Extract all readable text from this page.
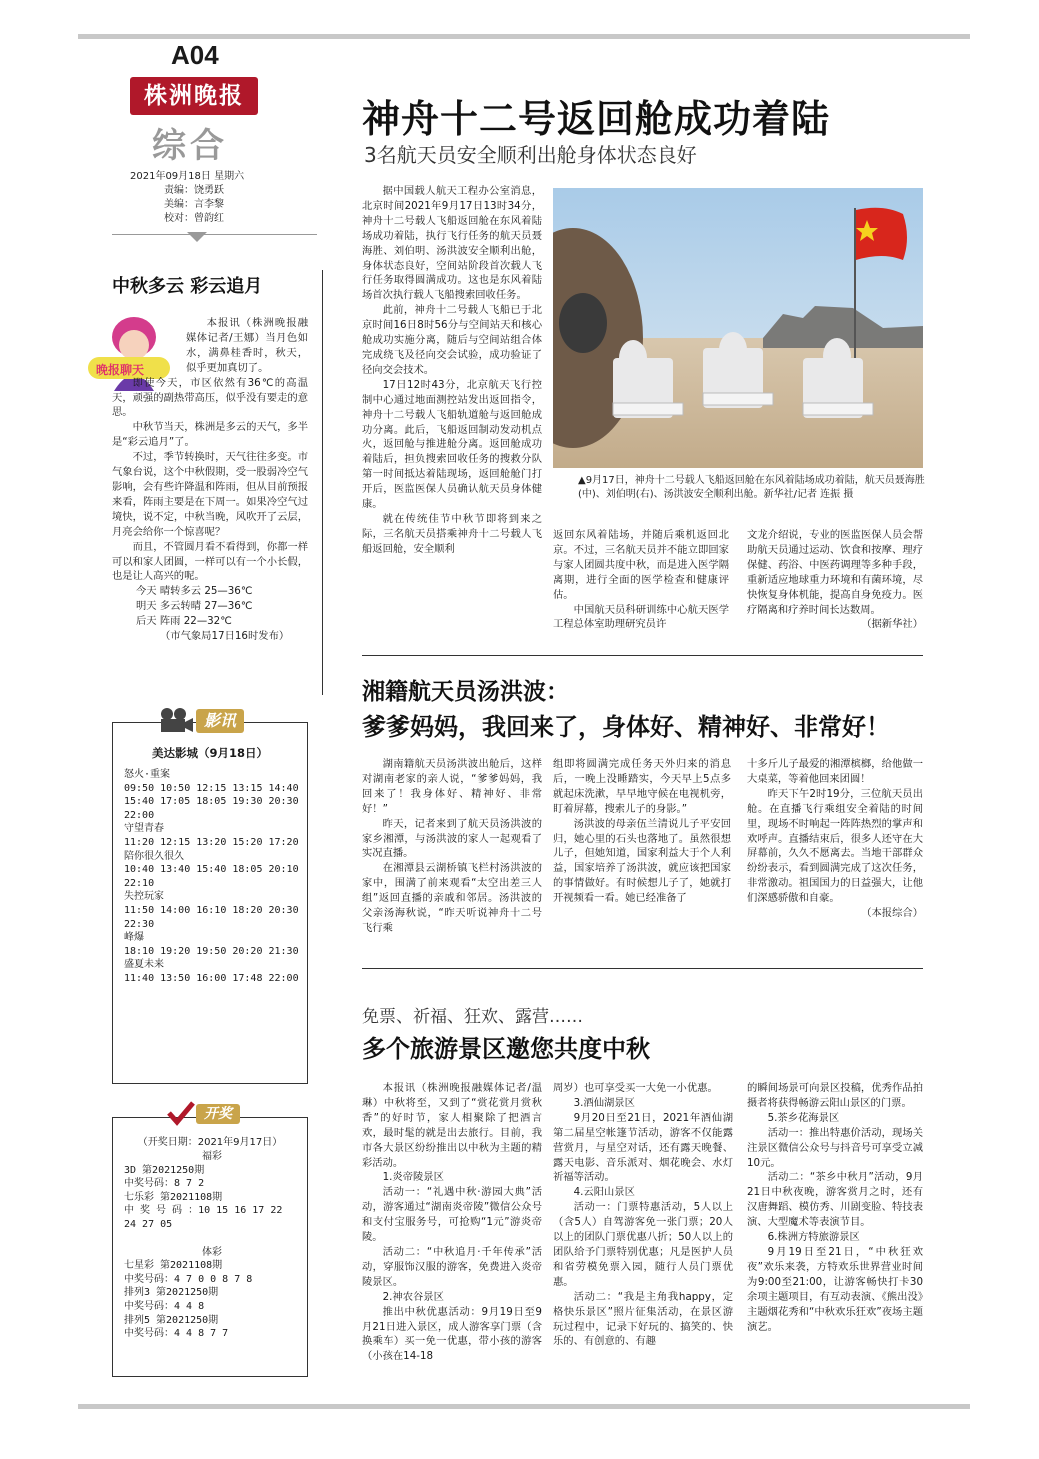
A04
株洲晚报
综合
2021年09月18日 星期六
责编：饶勇跃
美编：言李黎
校对：曾韵红
中秋多云 彩云追月
晚报聊天

本报讯（株洲晚报融媒体记者/王娜）当月色如水，满鼻桂香时，秋天，似乎更加真切了。

即使今天，市区依然有36℃的高温天，顽强的副热带高压，似乎没有要走的意思。

中秋节当天，株洲是多云的天气，多半是“彩云追月”了。

不过，季节转换时，天气往往多变。市气象台说，这个中秋假期，受一股弱冷空气影响，会有些许降温和阵雨，但从目前预报来看，阵雨主要是在下周一。如果冷空气过境快，说不定，中秋当晚，风吹开了云层，月亮会给你一个惊喜呢？

而且，不管圆月看不看得到，你都一样可以和家人团圆，一样可以有一个小长假，也是让人高兴的呢。

今天 晴转多云 25—36℃
明天 多云转晴 27—36℃
后天 阵雨 22—32℃
（市气象局17日16时发布）
影讯
美达影城（9月18日）
怒火·重案
09:50 10:50 12:15 13:15 14:40 15:40 17:05 18:05 19:30 20:30 22:00
守望青春
11:20 12:15 13:20 15:20 17:20
陪你很久很久
10:40 13:40 15:40 18:05 20:10 22:10
失控玩家
11:50 14:00 16:10 18:20 20:30 22:30
峰爆
18:10 19:20 19:50 20:20 21:30
盛夏未来
11:40 13:50 16:00 17:48 22:00
开奖
（开奖日期：2021年9月17日）
福彩
3D 第2021250期
中奖号码：8 7 2
七乐彩 第2021108期
中 奖 号 码 ：10 15 16 17 22 24 27 05
体彩
七星彩 第2021108期
中奖号码：4 7 0 0 8 7 8
排列3 第2021250期
中奖号码：4 4 8
排列5 第2021250期
中奖号码：4 4 8 7 7
神舟十二号返回舱成功着陆
3名航天员安全顺利出舱身体状态良好

据中国载人航天工程办公室消息，北京时间2021年9月17日13时34分，神舟十二号载人飞船返回舱在东风着陆场成功着陆，执行飞行任务的航天员聂海胜、刘伯明、汤洪波安全顺利出舱，身体状态良好，空间站阶段首次载人飞行任务取得圆满成功。这也是东风着陆场首次执行载人飞船搜索回收任务。

此前，神舟十二号载人飞船已于北京时间16日8时56分与空间站天和核心舱成功实施分离，随后与空间站组合体完成绕飞及径向交会试验，成功验证了径向交会技术。

17日12时43分，北京航天飞行控制中心通过地面测控站发出返回指令，神舟十二号载人飞船轨道舱与返回舱成功分离。此后，飞船返回制动发动机点火，返回舱与推进舱分离。返回舱成功着陆后，担负搜索回收任务的搜救分队第一时间抵达着陆现场，返回舱舱门打开后，医监医保人员确认航天员身体健康。

就在传统佳节中秋节即将到来之际，三名航天员搭乘神舟十二号载人飞船返回舱，安全顺利

▲9月17日，神舟十二号载人飞船返回舱在东风着陆场成功着陆，航天员聂海胜(中)、刘伯明(右)、汤洪波安全顺利出舱。新华社/记者 连振 摄

返回东风着陆场，并随后乘机返回北京。不过，三名航天员并不能立即回家与家人团圆共度中秋，而是进入医学隔离期，进行全面的医学检查和健康评估。

中国航天员科研训练中心航天医学工程总体室助理研究员许

文龙介绍说，专业的医监医保人员会帮助航天员通过运动、饮食和按摩、理疗保健、药浴、中医药调理等多种手段，重新适应地球重力环境和有菌环境，尽快恢复身体机能，提高自身免疫力。医疗隔离和疗养时间长达数周。

（据新华社）
湘籍航天员汤洪波：
爹爹妈妈，我回来了，身体好、精神好、非常好！

湖南籍航天员汤洪波出舱后，这样对湖南老家的亲人说，“爹爹妈妈，我回来了！我身体好、精神好、非常好！”

昨天，记者来到了航天员汤洪波的家乡湘潭，与汤洪波的家人一起观看了实况直播。

在湘潭县云湖桥镇飞栏村汤洪波的家中，围满了前来观看“太空出差三人组”返回直播的亲戚和邻居。汤洪波的父亲汤海秋说，“昨天听说神舟十二号飞行乘

组即将圆满完成任务天外归来的消息后，一晚上没睡踏实，今天早上5点多就起床洗漱，早早地守候在电视机旁，盯着屏幕，搜索儿子的身影。”

汤洪波的母亲伍兰清说儿子平安回归，她心里的石头也落地了。虽然很想儿子，但她知道，国家利益大于个人利益，国家培养了汤洪波，就应该把国家的事情做好。有时候想儿子了，她就打开视频看一看。她已经准备了

十多斤儿子最爱的湘潭槟榔，给他做一大桌菜，等着他回来团圆！

昨天下午2时19分，三位航天员出舱。在直播飞行乘组安全着陆的时间里，现场不时响起一阵阵热烈的掌声和欢呼声。直播结束后，很多人还守在大屏幕前，久久不愿离去。当地干部群众纷纷表示，看到圆满完成了这次任务，非常激动。祖国国力的日益强大，让他们深感骄傲和自豪。

（本报综合）
免票、祈福、狂欢、露营……
多个旅游景区邀您共度中秋

本报讯（株洲晚报融媒体记者/温琳）中秋将至，又到了“赏花赏月赏秋香”的好时节，家人相聚除了把酒言欢，最时髦的就是出去旅行。目前，我市各大景区纷纷推出以中秋为主题的精彩活动。

1.炎帝陵景区

活动一：“礼遇中秋·游园大典”活动，游客通过“湖南炎帝陵”微信公众号和支付宝服务号，可抢购“1元”游炎帝陵。

活动二：“中秋追月·千年传承”活动，穿服饰汉服的游客，免费进入炎帝陵景区。

2.神农谷景区

推出中秋优惠活动：9月19日至9月21日进入景区，成人游客享门票（含换乘车）买一免一优惠，带小孩的游客（小孩在14-18

周岁）也可享受买一大免一小优惠。

3.酒仙湖景区

9月20日至21日，2021年酒仙湖第二届星空帐篷节活动，游客不仅能露营赏月，与星空对话，还有露天晚餐、露天电影、音乐派对、烟花晚会、水灯祈福等活动。

4.云阳山景区

活动一：门票特惠活动，5人以上（含5人）自驾游客免一张门票；20人以上的团队门票优惠八折；50人以上的团队给予门票特别优惠；凡是医护人员和省劳模免票入园，随行人员门票优惠。

活动二：“我是主角我happy，定格快乐景区”照片征集活动，在景区游玩过程中，记录下好玩的、搞笑的、快乐的、有创意的、有趣

的瞬间场景可向景区投稿，优秀作品拍摄者将获得畅游云阳山景区的门票。

5.茶乡花海景区

活动一：推出特惠价活动，现场关注景区微信公众号与抖音号可享受立减10元。

活动二：“茶乡中秋月”活动，9月21日中秋夜晚，游客赏月之时，还有汉唐舞蹈、模仿秀、川剧变脸、特技表演、大型魔术等表演节目。

6.株洲方特旅游景区

9月19日至21日，“中秋狂欢夜”欢乐来袭，方特欢乐世界营业时间为9:00至21:00，让游客畅快打卡30余项主题项目，有互动表演、《熊出没》主题烟花秀和“中秋欢乐狂欢”夜场主题演艺。
